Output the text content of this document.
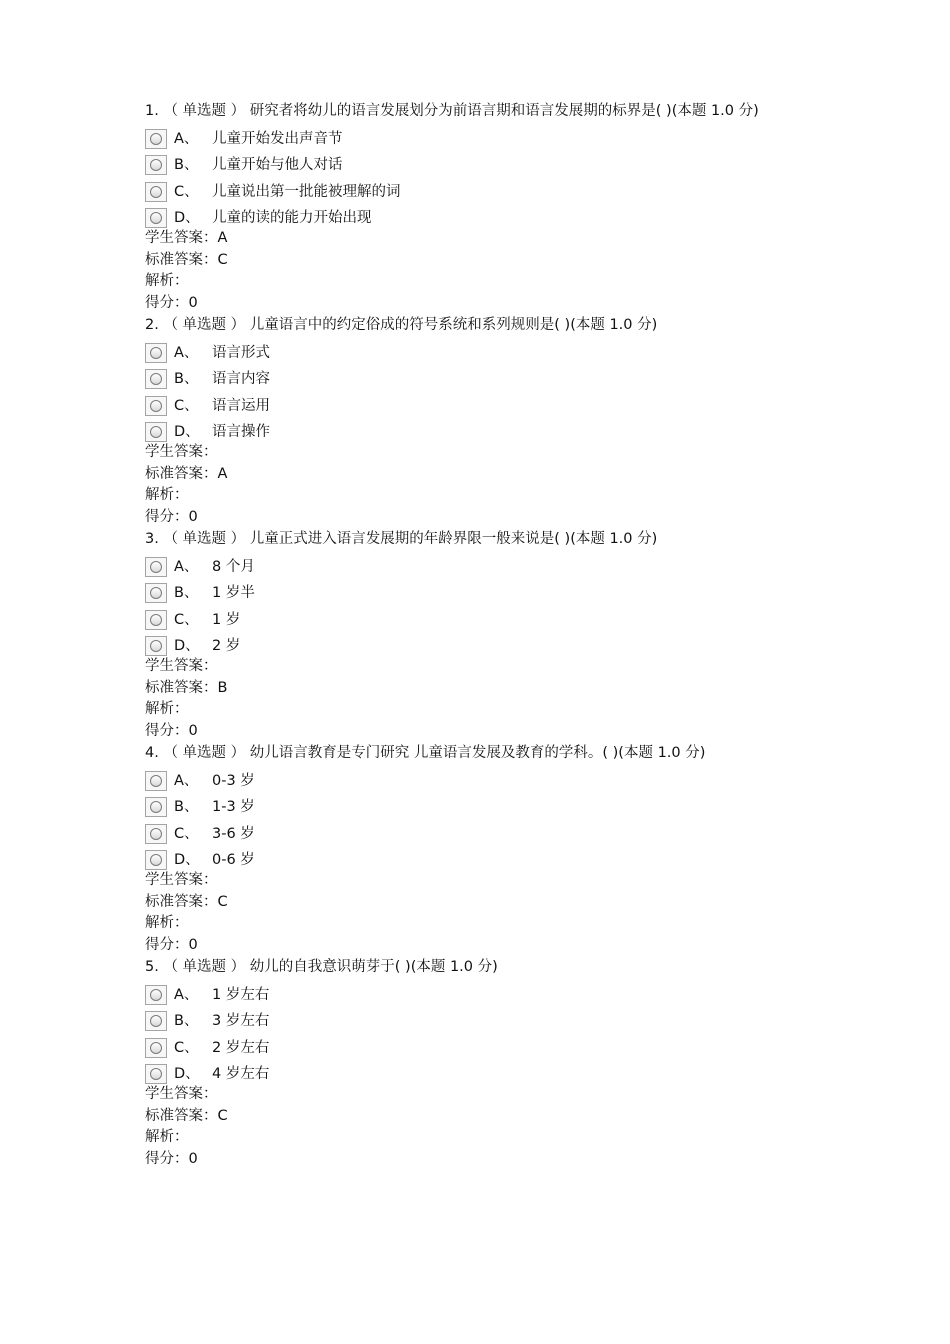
1. （ 单选题 ） 研究者将幼儿的语言发展划分为前语言期和语言发展期的标界是( )(本题 1.0 分)
A、 儿童开始发出声音节
B、 儿童开始与他人对话
C、 儿童说出第一批能被理解的词
D、 儿童的读的能力开始出现
学生答案：A
标准答案：C
解析：
得分：0
2. （ 单选题 ） 儿童语言中的约定俗成的符号系统和系列规则是( )(本题 1.0 分)
A、 语言形式
B、 语言内容
C、 语言运用
D、 语言操作
学生答案：
标准答案：A
解析：
得分：0
3. （ 单选题 ） 儿童正式进入语言发展期的年龄界限一般来说是( )(本题 1.0 分)
A、 8 个月
B、 1 岁半
C、 1 岁
D、 2 岁
学生答案：
标准答案：B
解析：
得分：0
4. （ 单选题 ） 幼儿语言教育是专门研究 儿童语言发展及教育的学科。( )(本题 1.0 分)
A、 0-3 岁
B、 1-3 岁
C、 3-6 岁
D、 0-6 岁
学生答案：
标准答案：C
解析：
得分：0
5. （ 单选题 ） 幼儿的自我意识萌芽于( )(本题 1.0 分)
A、 1 岁左右
B、 3 岁左右
C、 2 岁左右
D、 4 岁左右
学生答案：
标准答案：C
解析：
得分：0
